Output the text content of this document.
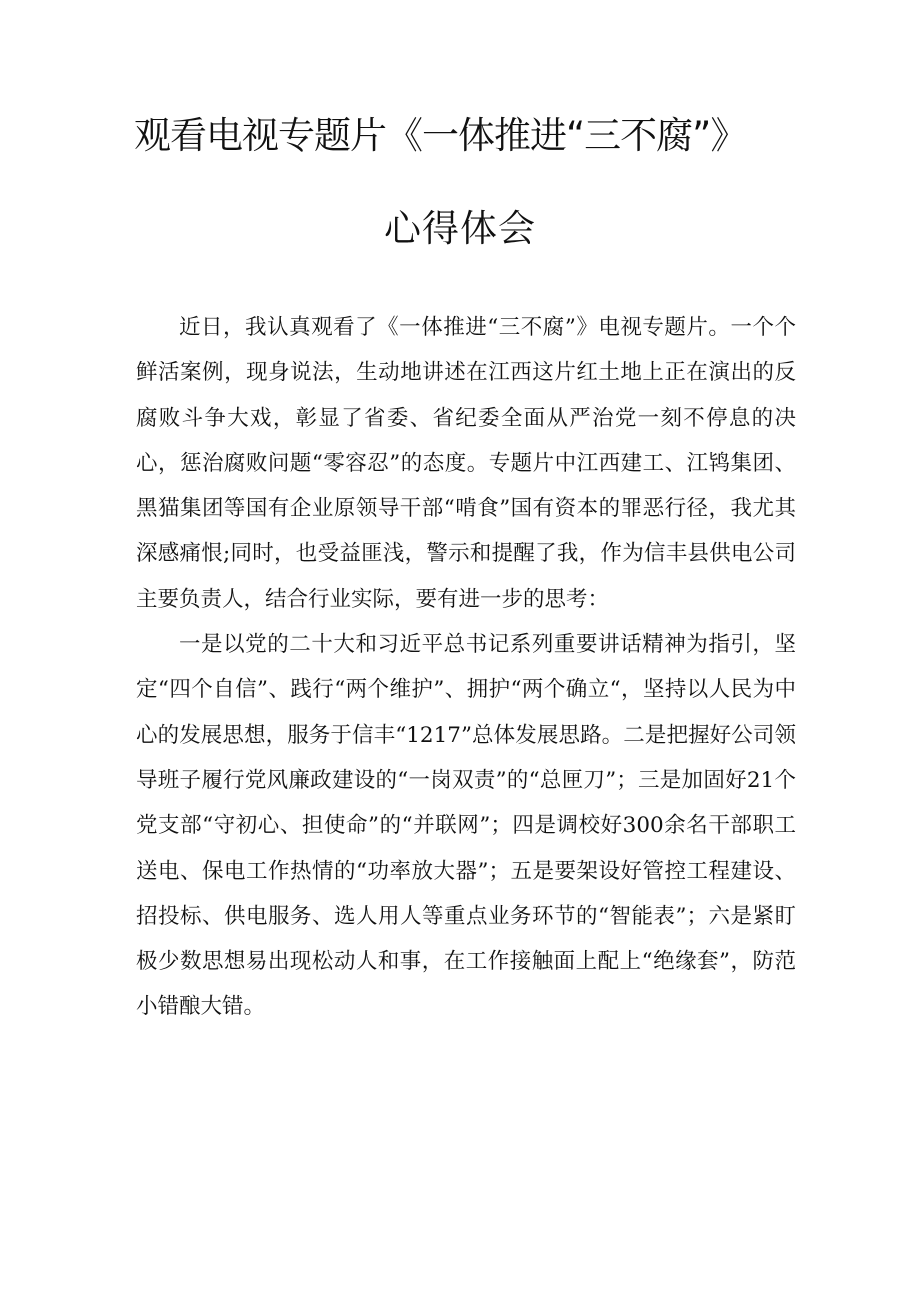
观看电视专题片《一体推进“三不腐”》
心得体会

近日，我认真观看了《一体推进“三不腐”》电视专题片。一个个鲜活案例，现身说法，生动地讲述在江西这片红土地上正在演出的反腐败斗争大戏，彰显了省委、省纪委全面从严治党一刻不停息的决心，惩治腐败问题“零容忍”的态度。专题片中江西建工、江鸨集团、黑猫集团等国有企业原领导干部“啃食”国有资本的罪恶行径，我尤其深感痛恨;同时，也受益匪浅，警示和提醒了我，作为信丰县供电公司主要负责人，结合行业实际，要有进一步的思考：

一是以党的二十大和习近平总书记系列重要讲话精神为指引，坚定“四个自信”、践行“两个维护”、拥护“两个确立“，坚持以人民为中心的发展思想，服务于信丰“1217”总体发展思路。二是把握好公司领导班子履行党风廉政建设的“一岗双责”的“总匣刀”；三是加固好21个党支部“守初心、担使命”的“并联网”；四是调校好300余名干部职工送电、保电工作热情的“功率放大器”；五是要架设好管控工程建设、招投标、供电服务、选人用人等重点业务环节的“智能表”；六是紧盯极少数思想易出现松动人和事，在工作接触面上配上“绝缘套”，防范小错酿大错。
